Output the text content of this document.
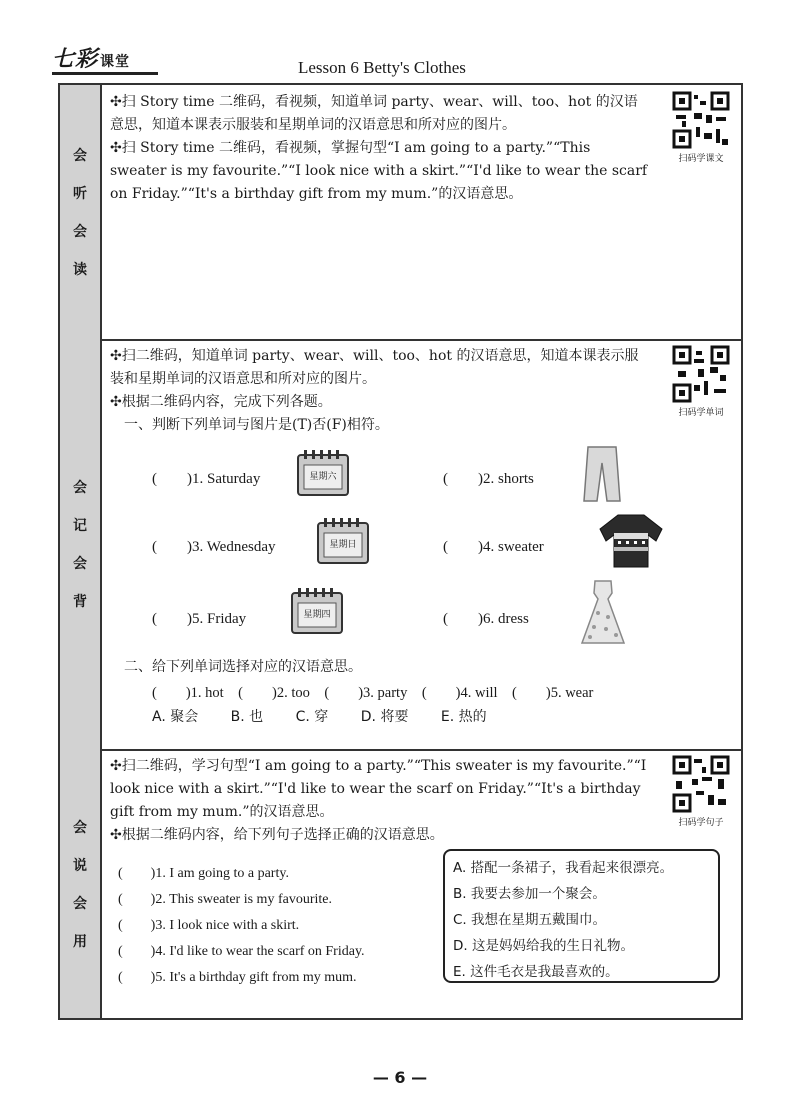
七彩 课堂	Lesson 6 Betty's Clothes
会
听
会
读

✣扫 Story time 二维码，看视频，知道单词 party、wear、will、too、hot 的汉语意思，知道本课表示服装和星期单词的汉语意思和所对应的图片。

✣扫 Story time 二维码，看视频，掌握句型“I am going to a party.”“This sweater is my favourite.”“I look nice with a skirt.”“I'd like to wear the scarf on Friday.”“It's a birthday gift from my mum.”的汉语意思。

扫码学课文
会
记
会
背

✣扫二维码，知道单词 party、wear、will、too、hot 的汉语意思，知道本课表示服装和星期单词的汉语意思和所对应的图片。

✣根据二维码内容，完成下列各题。

一、判断下列单词与图片是(T)否(F)相符。

扫码学单词
(　　)1. Saturday	星期六	(　　)2. shorts
(　　)3. Wednesday	星期日	(　　)4. sweater
(　　)5. Friday	星期四	(　　)6. dress
二、给下列单词选择对应的汉语意思。
(　　)1. hot　(　　)2. too　(　　)3. party　(　　)4. will　(　　)5. wear
A. 聚会　　 B. 也　　 C. 穿　　 D. 将要　　 E. 热的
会
说
会
用

✣扫二维码，学习句型“I am going to a party.”“This sweater is my favourite.”“I look nice with a skirt.”“I'd like to wear the scarf on Friday.”“It's a birthday gift from my mum.”的汉语意思。

✣根据二维码内容，给下列句子选择正确的汉语意思。

扫码学句子
(　　)1. I am going to a party.
(　　)2. This sweater is my favourite.
(　　)3. I look nice with a skirt.
(　　)4. I'd like to wear the scarf on Friday.
(　　)5. It's a birthday gift from my mum.
A. 搭配一条裙子，我看起来很漂亮。
B. 我要去参加一个聚会。
C. 我想在星期五戴围巾。
D. 这是妈妈给我的生日礼物。
E. 这件毛衣是我最喜欢的。
— 6 —
